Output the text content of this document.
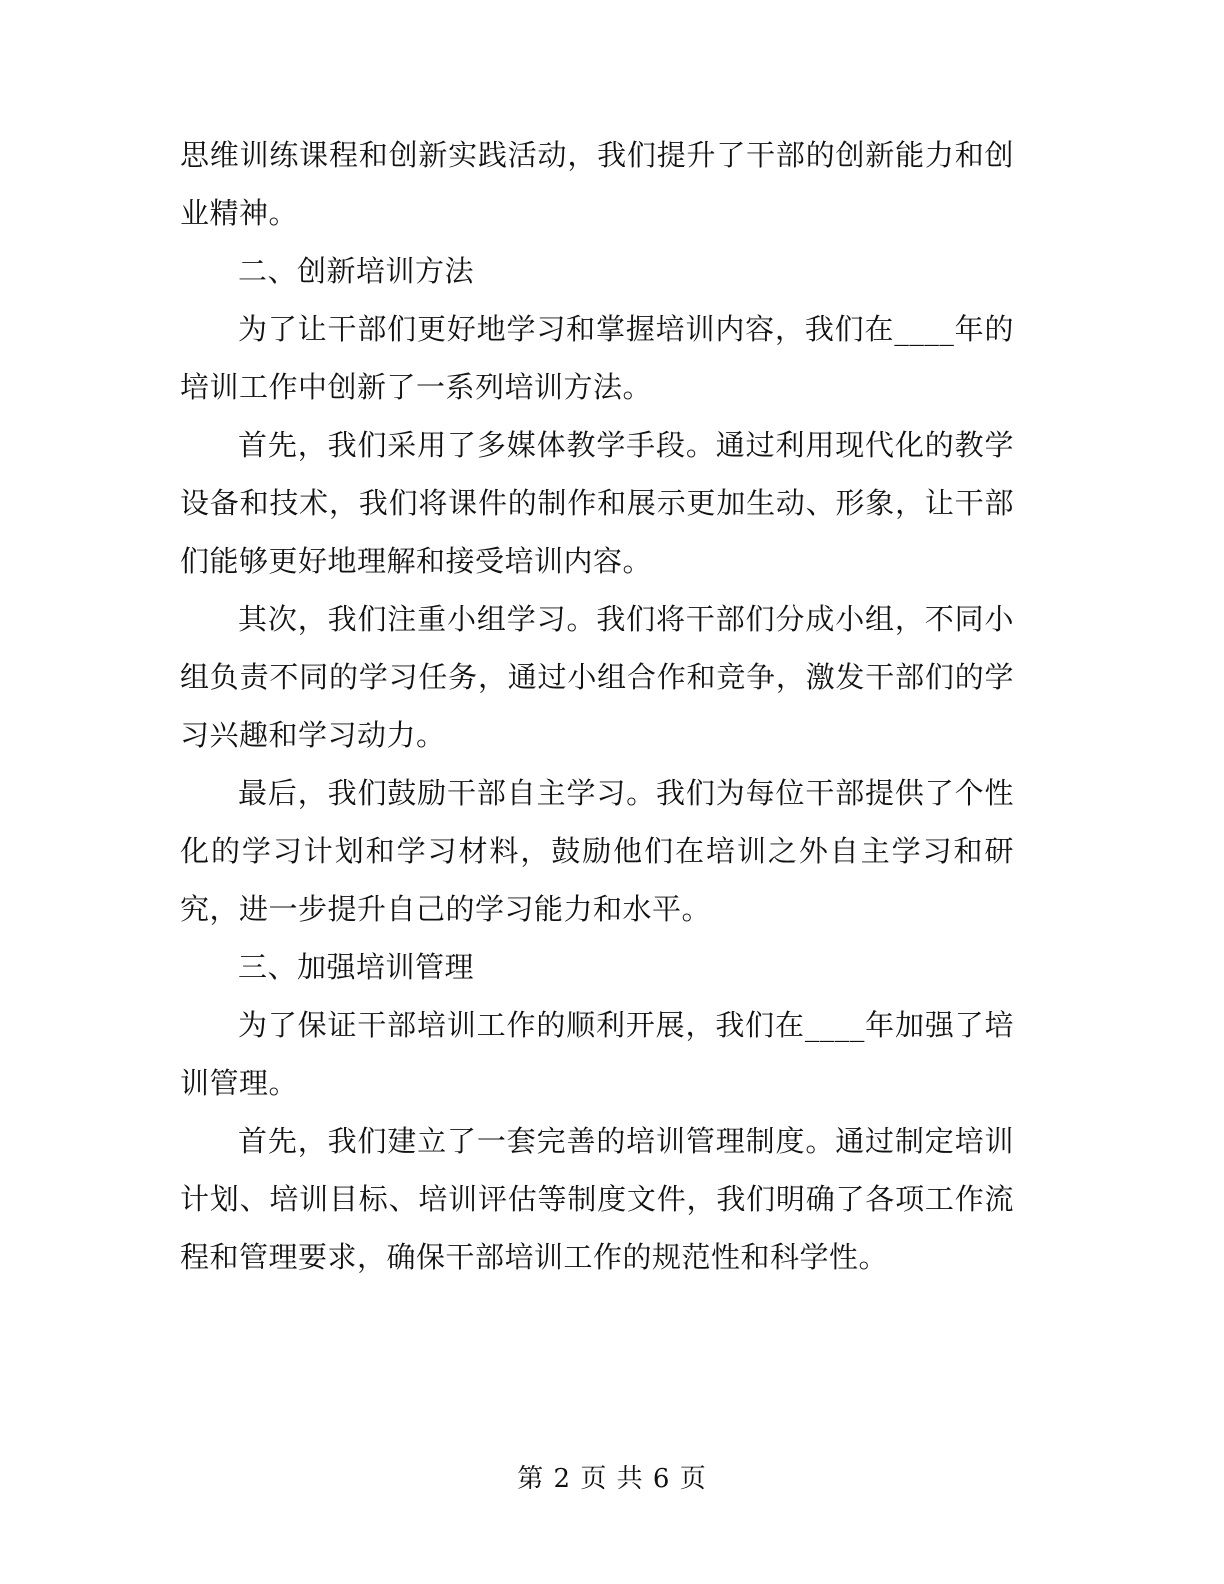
思维训练课程和创新实践活动，我们提升了干部的创新能力和创业精神。

二、创新培训方法

为了让干部们更好地学习和掌握培训内容，我们在____年的培训工作中创新了一系列培训方法。

首先，我们采用了多媒体教学手段。通过利用现代化的教学设备和技术，我们将课件的制作和展示更加生动、形象，让干部们能够更好地理解和接受培训内容。

其次，我们注重小组学习。我们将干部们分成小组，不同小组负责不同的学习任务，通过小组合作和竞争，激发干部们的学习兴趣和学习动力。

最后，我们鼓励干部自主学习。我们为每位干部提供了个性化的学习计划和学习材料，鼓励他们在培训之外自主学习和研究，进一步提升自己的学习能力和水平。

三、加强培训管理

为了保证干部培训工作的顺利开展，我们在____年加强了培训管理。

首先，我们建立了一套完善的培训管理制度。通过制定培训计划、培训目标、培训评估等制度文件，我们明确了各项工作流程和管理要求，确保干部培训工作的规范性和科学性。

第 2 页 共 6 页
